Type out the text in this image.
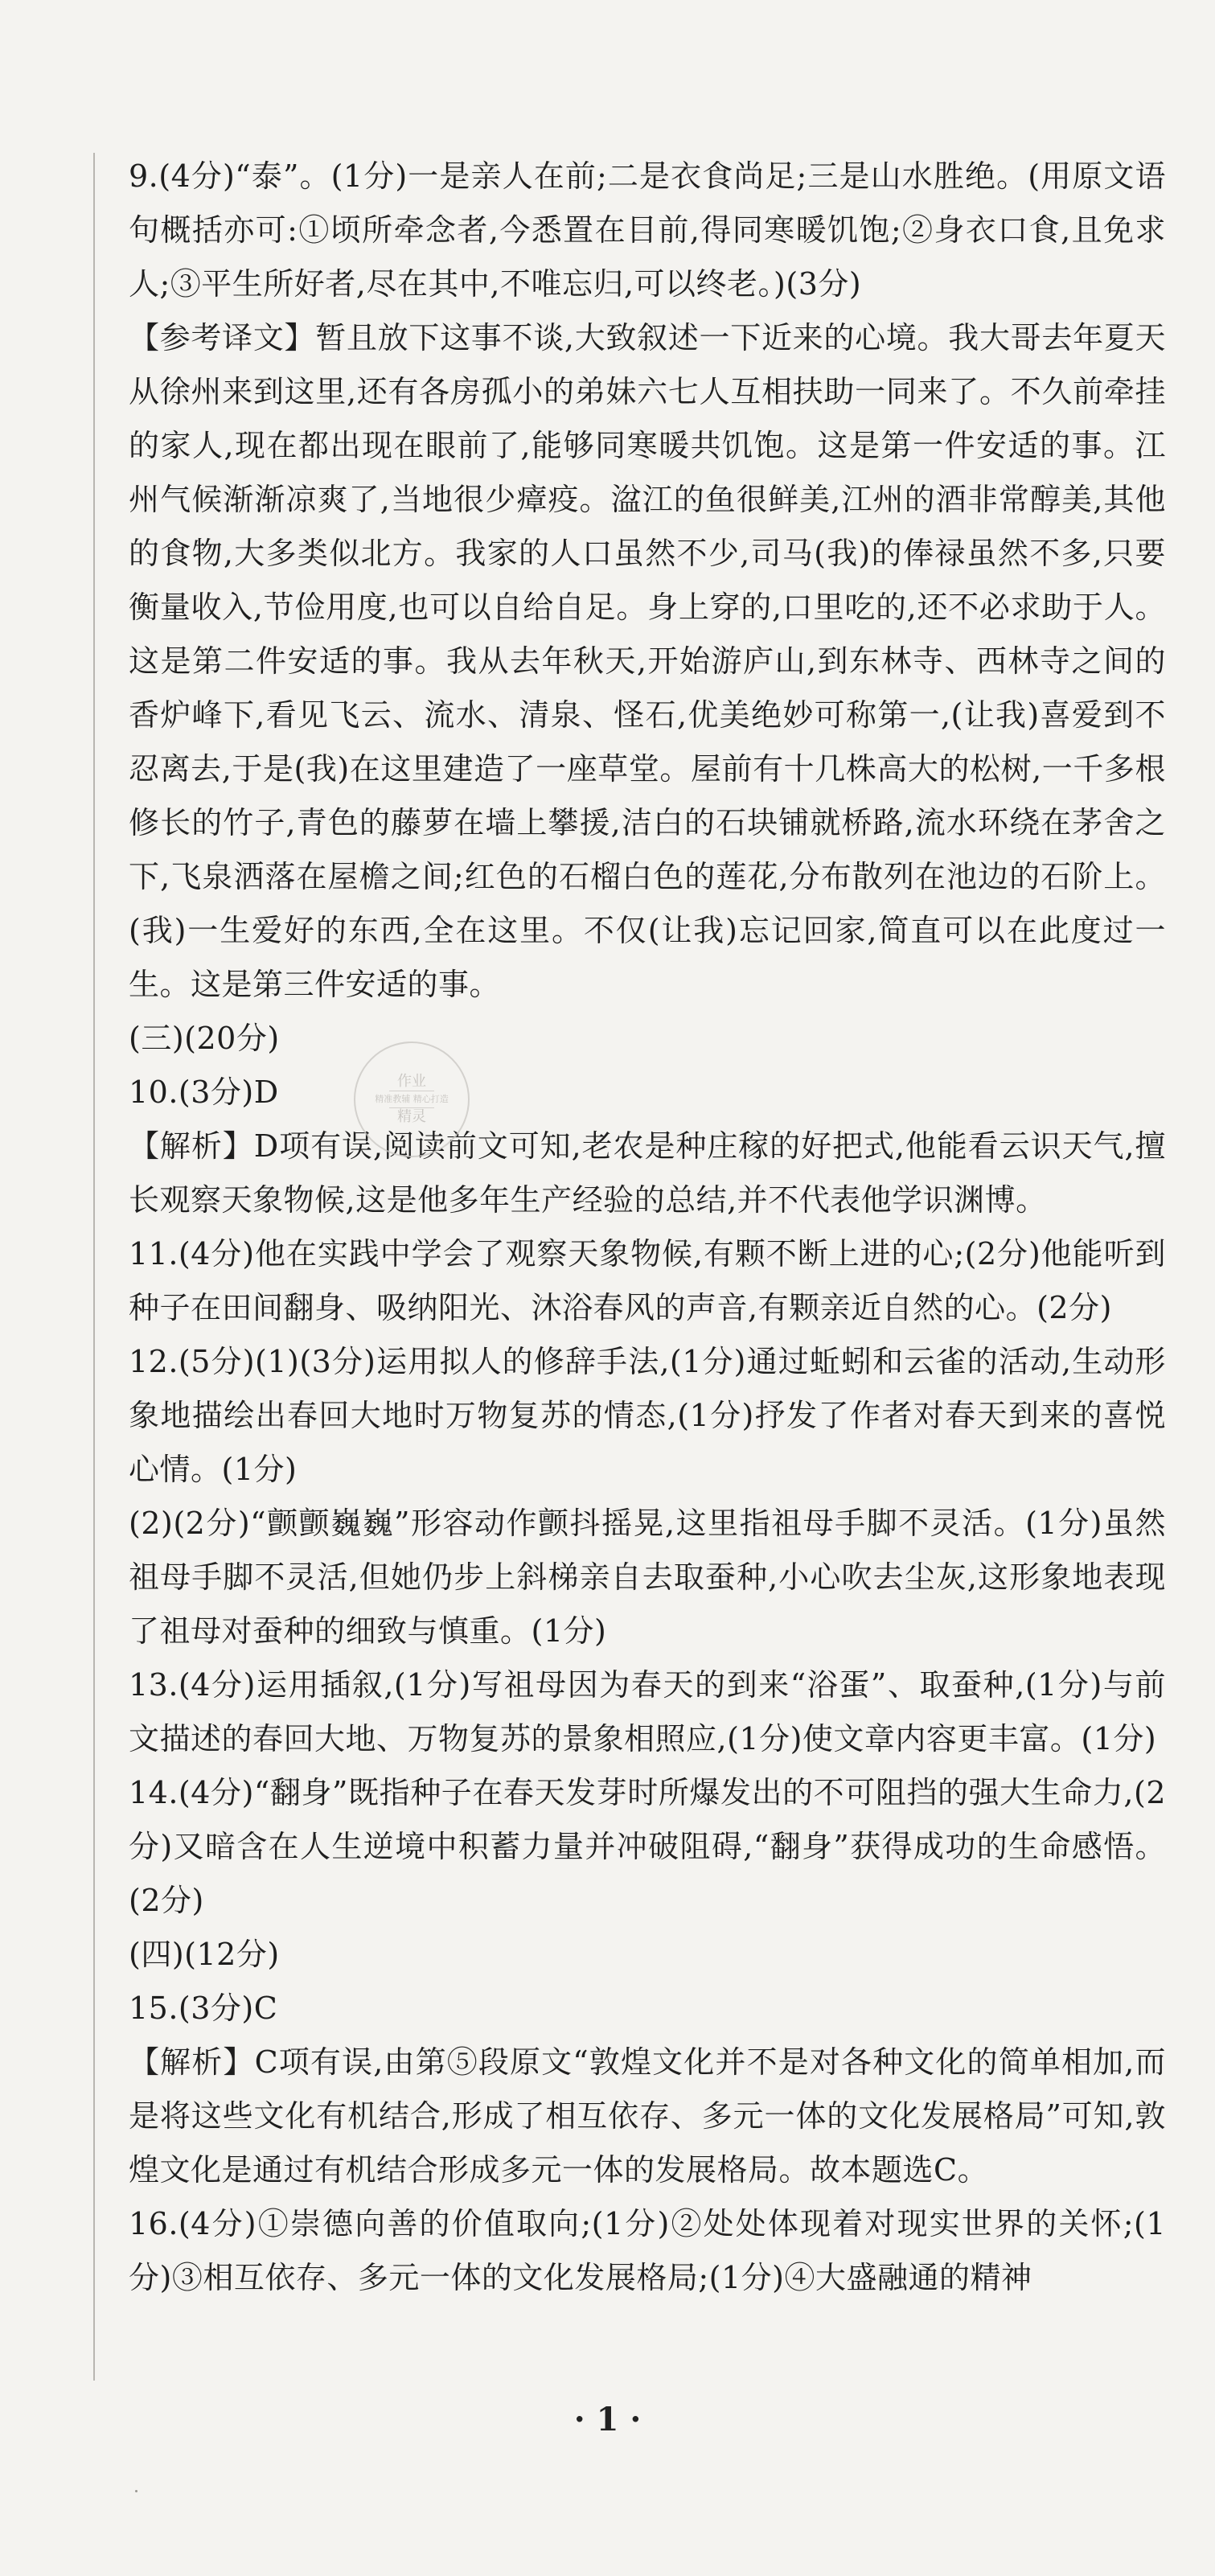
9.(4分)“泰”。(1分)一是亲人在前;二是衣食尚足;三是山水胜绝。(用原文语句概括亦可:①顷所牵念者,今悉置在目前,得同寒暖饥饱;②身衣口食,且免求人;③平生所好者,尽在其中,不唯忘归,可以终老。)(3分)

【参考译文】暂且放下这事不谈,大致叙述一下近来的心境。我大哥去年夏天从徐州来到这里,还有各房孤小的弟妹六七人互相扶助一同来了。不久前牵挂的家人,现在都出现在眼前了,能够同寒暖共饥饱。这是第一件安适的事。江州气候渐渐凉爽了,当地很少瘴疫。湓江的鱼很鲜美,江州的酒非常醇美,其他的食物,大多类似北方。我家的人口虽然不少,司马(我)的俸禄虽然不多,只要衡量收入,节俭用度,也可以自给自足。身上穿的,口里吃的,还不必求助于人。这是第二件安适的事。我从去年秋天,开始游庐山,到东林寺、西林寺之间的香炉峰下,看见飞云、流水、清泉、怪石,优美绝妙可称第一,(让我)喜爱到不忍离去,于是(我)在这里建造了一座草堂。屋前有十几株高大的松树,一千多根修长的竹子,青色的藤萝在墙上攀援,洁白的石块铺就桥路,流水环绕在茅舍之下,飞泉洒落在屋檐之间;红色的石榴白色的莲花,分布散列在池边的石阶上。(我)一生爱好的东西,全在这里。不仅(让我)忘记回家,简直可以在此度过一生。这是第三件安适的事。

(三)(20分)

10.(3分)D

【解析】D项有误,阅读前文可知,老农是种庄稼的好把式,他能看云识天气,擅长观察天象物候,这是他多年生产经验的总结,并不代表他学识渊博。

11.(4分)他在实践中学会了观察天象物候,有颗不断上进的心;(2分)他能听到种子在田间翻身、吸纳阳光、沐浴春风的声音,有颗亲近自然的心。(2分)

12.(5分)(1)(3分)运用拟人的修辞手法,(1分)通过蚯蚓和云雀的活动,生动形象地描绘出春回大地时万物复苏的情态,(1分)抒发了作者对春天到来的喜悦心情。(1分)

(2)(2分)“颤颤巍巍”形容动作颤抖摇晃,这里指祖母手脚不灵活。(1分)虽然祖母手脚不灵活,但她仍步上斜梯亲自去取蚕种,小心吹去尘灰,这形象地表现了祖母对蚕种的细致与慎重。(1分)

13.(4分)运用插叙,(1分)写祖母因为春天的到来“浴蛋”、取蚕种,(1分)与前文描述的春回大地、万物复苏的景象相照应,(1分)使文章内容更丰富。(1分)

14.(4分)“翻身”既指种子在春天发芽时所爆发出的不可阻挡的强大生命力,(2分)又暗含在人生逆境中积蓄力量并冲破阻碍,“翻身”获得成功的生命感悟。(2分)

(四)(12分)

15.(3分)C

【解析】C项有误,由第⑤段原文“敦煌文化并不是对各种文化的简单相加,而是将这些文化有机结合,形成了相互依存、多元一体的文化发展格局”可知,敦煌文化是通过有机结合形成多元一体的发展格局。故本题选C。

16.(4分)①崇德向善的价值取向;(1分)②处处体现着对现实世界的关怀;(1分)③相互依存、多元一体的文化发展格局;(1分)④大盛融通的精神

作业
精准教辅 精心打造
精灵
· 1 ·
